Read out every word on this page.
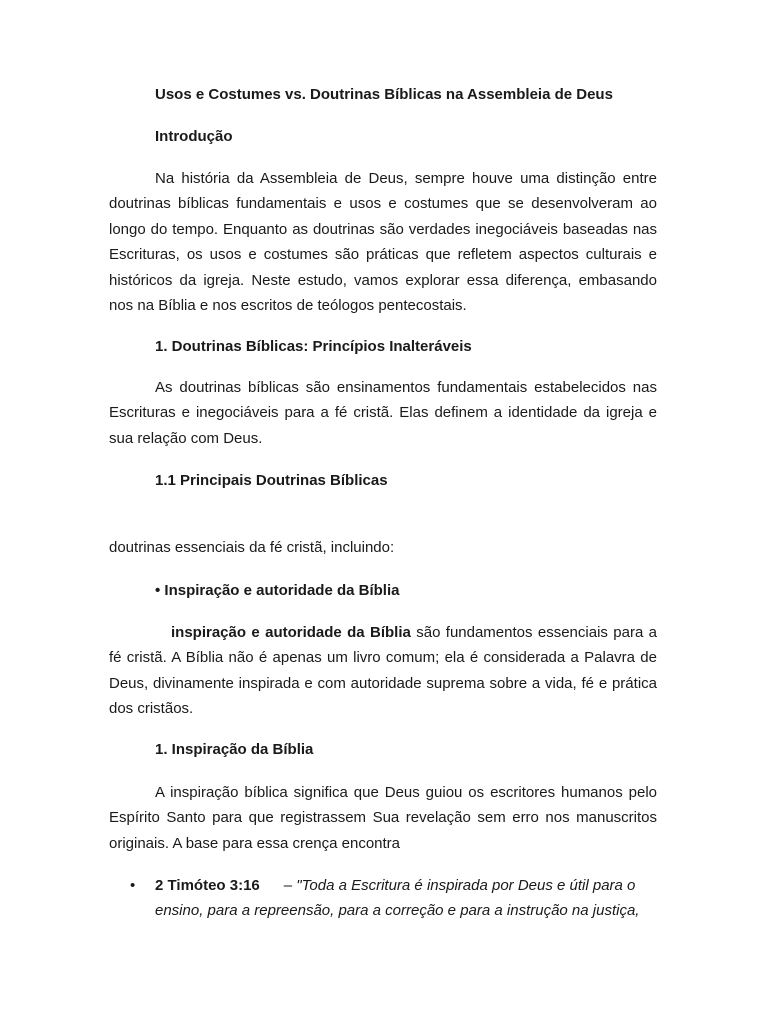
Usos e Costumes vs. Doutrinas Bíblicas na Assembleia de Deus
Introdução
Na história da Assembleia de Deus, sempre houve uma distinção entre doutrinas bíblicas fundamentais e usos e costumes que se desenvolveram ao longo do tempo. Enquanto as doutrinas são verdades inegociáveis baseadas nas Escrituras, os usos e costumes são práticas que refletem aspectos culturais e históricos da igreja. Neste estudo, vamos explorar essa diferença, embasando nos na Bíblia e nos escritos de teólogos pentecostais.
1. Doutrinas Bíblicas: Princípios Inalteráveis
As doutrinas bíblicas são ensinamentos fundamentais estabelecidos nas Escrituras e inegociáveis para a fé cristã. Elas definem a identidade da igreja e sua relação com Deus.
1.1 Principais Doutrinas Bíblicas
doutrinas essenciais da fé cristã, incluindo:
• Inspiração e autoridade da Bíblia
inspiração e autoridade da Bíblia são fundamentos essenciais para a fé cristã. A Bíblia não é apenas um livro comum; ela é considerada a Palavra de Deus, divinamente inspirada e com autoridade suprema sobre a vida, fé e prática dos cristãos.
1. Inspiração da Bíblia
A inspiração bíblica significa que Deus guiou os escritores humanos pelo Espírito Santo para que registrassem Sua revelação sem erro nos manuscritos originais. A base para essa crença encontra
• 2 Timóteo 3:16 – "Toda a Escritura é inspirada por Deus e útil para o ensino, para a repreensão, para a correção e para a instrução na justiça,
